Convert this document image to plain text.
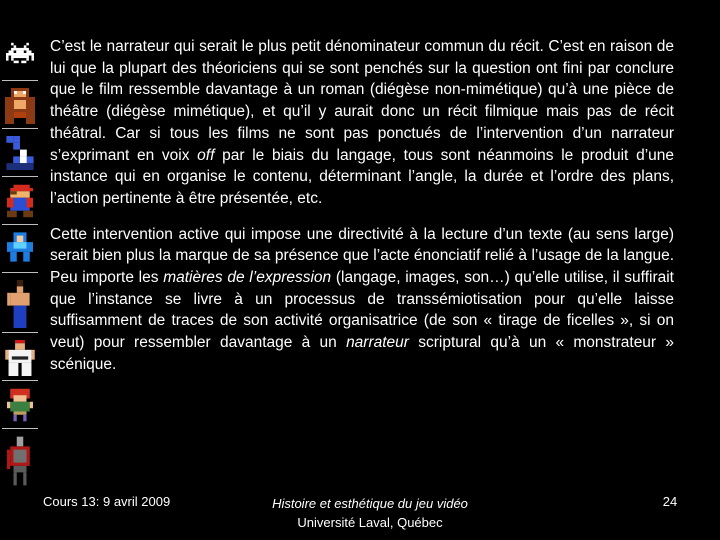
C’est le narrateur qui serait le plus petit dénominateur commun du récit. C’est en raison de lui que la plupart des théoriciens qui se sont penchés sur la question ont fini par conclure que le film ressemble davantage à un roman (diégèse non-mimétique) qu’à une pièce de théâtre (diégèse mimétique), et qu’il y aurait donc un récit filmique mais pas de récit théâtral. Car si tous les films ne sont pas ponctués de l’intervention d’un narrateur s’exprimant en voix off par le biais du langage, tous sont néanmoins le produit d’une instance qui en organise le contenu, déterminant l’angle, la durée et l’ordre des plans, l’action pertinente à être présentée, etc.

Cette intervention active qui impose une directivité à la lecture d’un texte (au sens large) serait bien plus la marque de sa présence que l’acte énonciatif relié à l’usage de la langue. Peu importe les matières de l’expression (langage, images, son…) qu’elle utilise, il suffirait que l’instance se livre à un processus de transsémiotisation pour qu’elle laisse suffisamment de traces de son activité organisatrice (de son « tirage de ficelles », si on veut) pour ressembler davantage à un narrateur scriptural qu’à un « monstrateur » scénique.

Cours 13: 9 avril 2009	Histoire et esthétique du jeu vidéo
Université Laval, Québec
24
